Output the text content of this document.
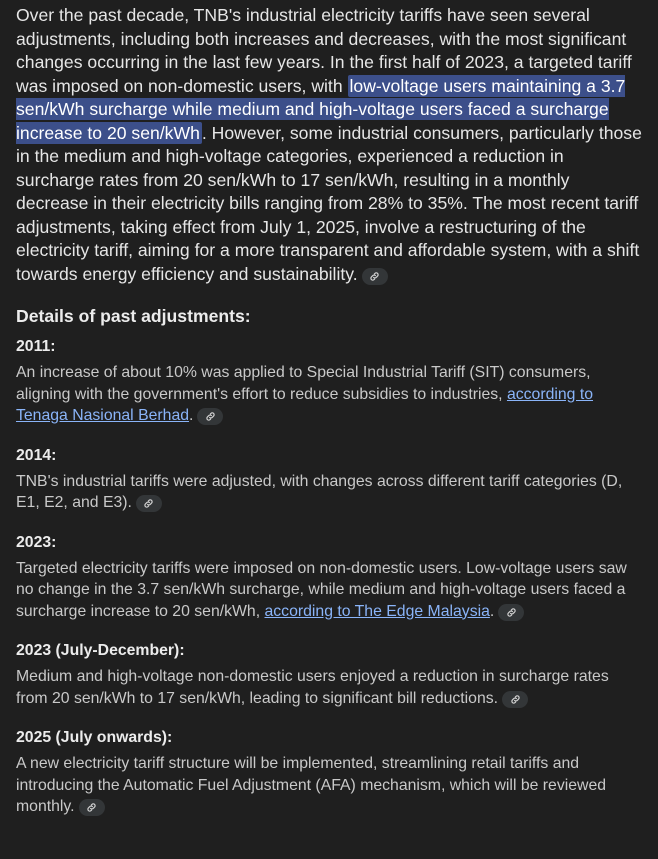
Over the past decade, TNB's industrial electricity tariffs have seen several adjustments, including both increases and decreases, with the most significant changes occurring in the last few years. In the first half of 2023, a targeted tariff was imposed on non-domestic users, with low-voltage users maintaining a 3.7 sen/kWh surcharge while medium and high-voltage users faced a surcharge increase to 20 sen/kWh . However, some industrial consumers, particularly those in the medium and high-voltage categories, experienced a reduction in surcharge rates from 20 sen/kWh to 17 sen/kWh, resulting in a monthly decrease in their electricity bills ranging from 28% to 35%. The most recent tariff adjustments, taking effect from July 1, 2025, involve a restructuring of the electricity tariff, aiming for a more transparent and affordable system, with a shift towards energy efficiency and sustainability.

Details of past adjustments:

2011:

An increase of about 10% was applied to Special Industrial Tariff (SIT) consumers, aligning with the government's effort to reduce subsidies to industries, according to Tenaga Nasional Berhad.

2014:

TNB's industrial tariffs were adjusted, with changes across different tariff categories (D, E1, E2, and E3).

2023:

Targeted electricity tariffs were imposed on non-domestic users. Low-voltage users saw no change in the 3.7 sen/kWh surcharge, while medium and high-voltage users faced a surcharge increase to 20 sen/kWh, according to The Edge Malaysia.

2023 (July-December):

Medium and high-voltage non-domestic users enjoyed a reduction in surcharge rates from 20 sen/kWh to 17 sen/kWh, leading to significant bill reductions.

2025 (July onwards):

A new electricity tariff structure will be implemented, streamlining retail tariffs and introducing the Automatic Fuel Adjustment (AFA) mechanism, which will be reviewed monthly.
